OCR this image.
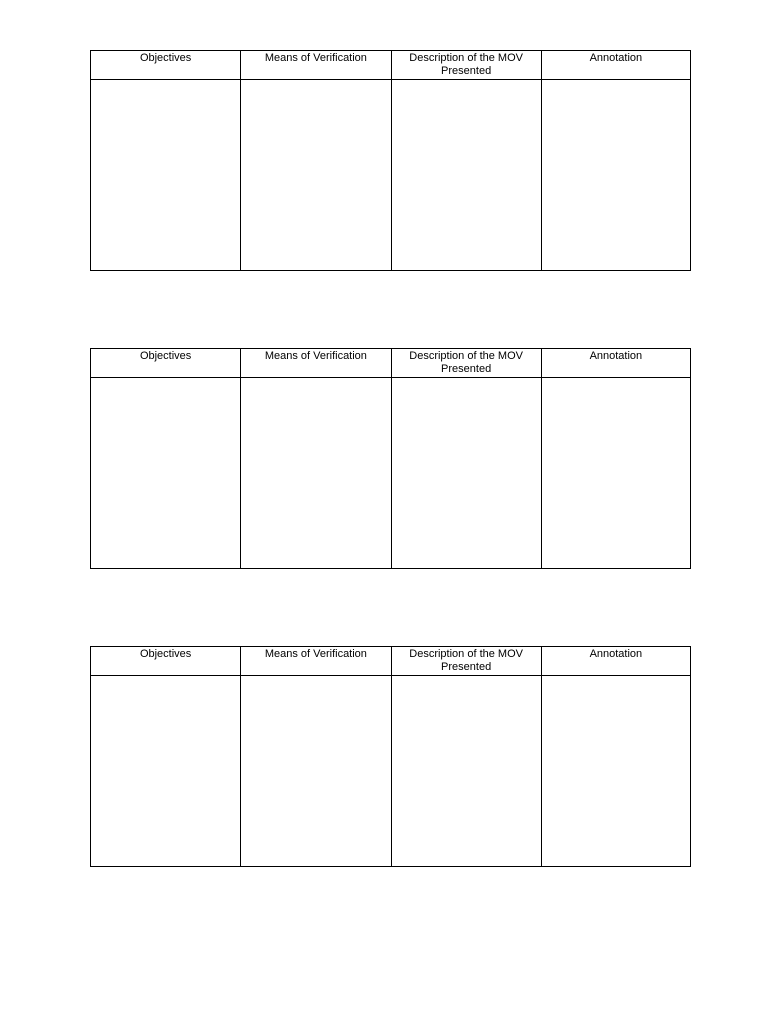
Objectives	Means of Verification	Description of the MOV Presented	Annotation

Objectives	Means of Verification	Description of the MOV Presented	Annotation

Objectives	Means of Verification	Description of the MOV Presented	Annotation
